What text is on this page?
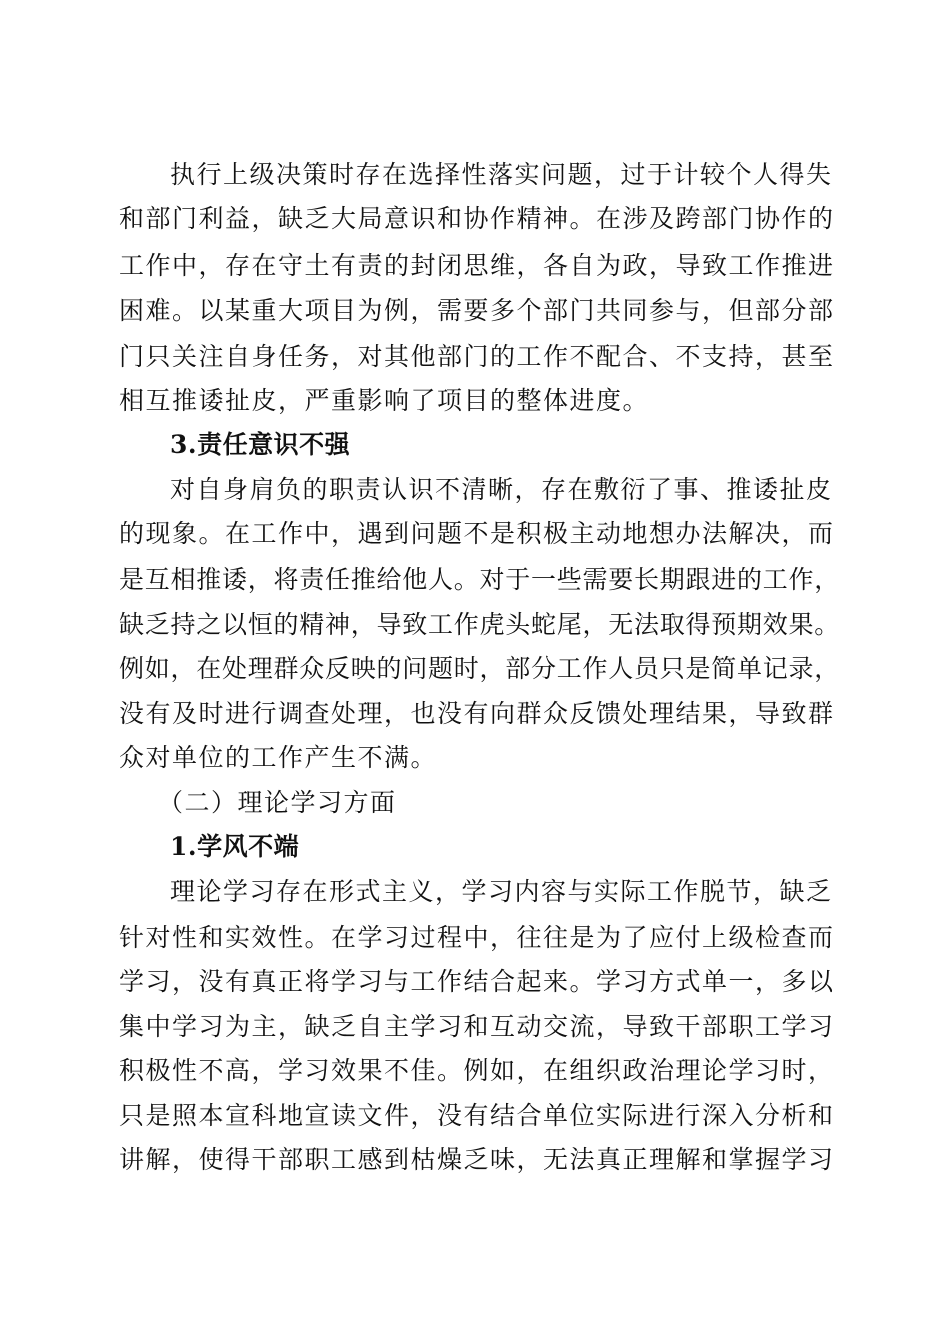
执行上级决策时存在选择性落实问题，过于计较个人得失
和部门利益，缺乏大局意识和协作精神。在涉及跨部门协作的
工作中，存在守土有责的封闭思维，各自为政，导致工作推进
困难。以某重大项目为例，需要多个部门共同参与，但部分部
门只关注自身任务，对其他部门的工作不配合、不支持，甚至
相互推诿扯皮，严重影响了项目的整体进度。
3.责任意识不强
对自身肩负的职责认识不清晰，存在敷衍了事、推诿扯皮
的现象。在工作中，遇到问题不是积极主动地想办法解决，而
是互相推诿，将责任推给他人。对于一些需要长期跟进的工作，
缺乏持之以恒的精神，导致工作虎头蛇尾，无法取得预期效果。
例如，在处理群众反映的问题时，部分工作人员只是简单记录，
没有及时进行调查处理，也没有向群众反馈处理结果，导致群
众对单位的工作产生不满。
（二）理论学习方面
1.学风不端
理论学习存在形式主义，学习内容与实际工作脱节，缺乏
针对性和实效性。在学习过程中，往往是为了应付上级检查而
学习，没有真正将学习与工作结合起来。学习方式单一，多以
集中学习为主，缺乏自主学习和互动交流，导致干部职工学习
积极性不高，学习效果不佳。例如，在组织政治理论学习时，
只是照本宣科地宣读文件，没有结合单位实际进行深入分析和
讲解，使得干部职工感到枯燥乏味，无法真正理解和掌握学习
